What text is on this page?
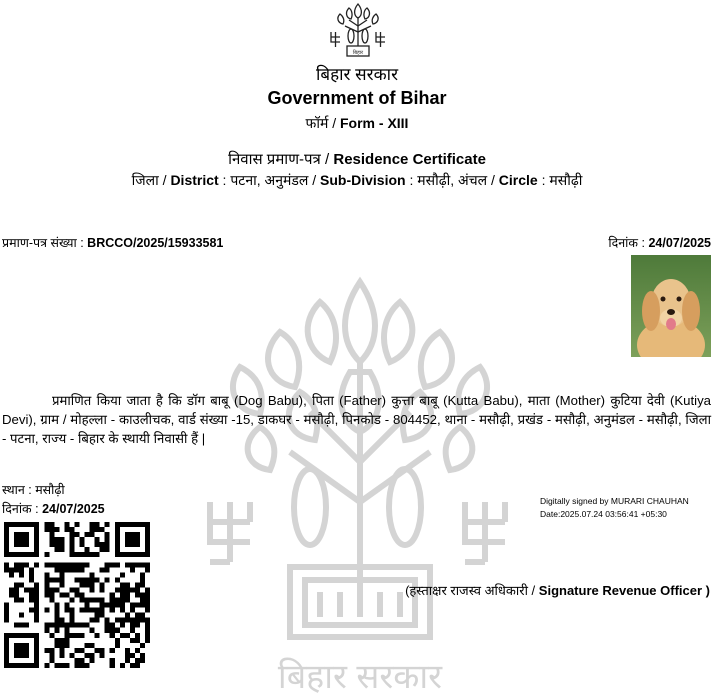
बिहार सरकार
बिहार
बिहार सरकार
Government of Bihar
फॉर्म / Form - XIII
निवास प्रमाण-पत्र / Residence Certificate
जिला / District : पटना, अनुमंडल / Sub-Division : मसौढ़ी, अंचल / Circle : मसौढ़ी
प्रमाण-पत्र संख्या : BRCCO/2025/15933581	दिनांक : 24/07/2025
प्रमाणित किया जाता है कि डॉग बाबू (Dog Babu), पिता (Father) कुत्ता बाबू (Kutta Babu), माता (Mother) कुटिया देवी (Kutiya Devi), ग्राम / मोहल्ला - काउलीचक, वार्ड संख्या -15, डाकघर - मसौढ़ी, पिनकोड - 804452, थाना - मसौढ़ी, प्रखंड - मसौढ़ी, अनुमंडल - मसौढ़ी, जिला - पटना, राज्य - बिहार के स्थायी निवासी हैं |
स्थान : मसौढ़ी
दिनांक : 24/07/2025
Digitally signed by MURARI CHAUHAN
Date:2025.07.24 03:56:41 +05:30
(हस्ताक्षर राजस्व अधिकारी / Signature Revenue Officer )
